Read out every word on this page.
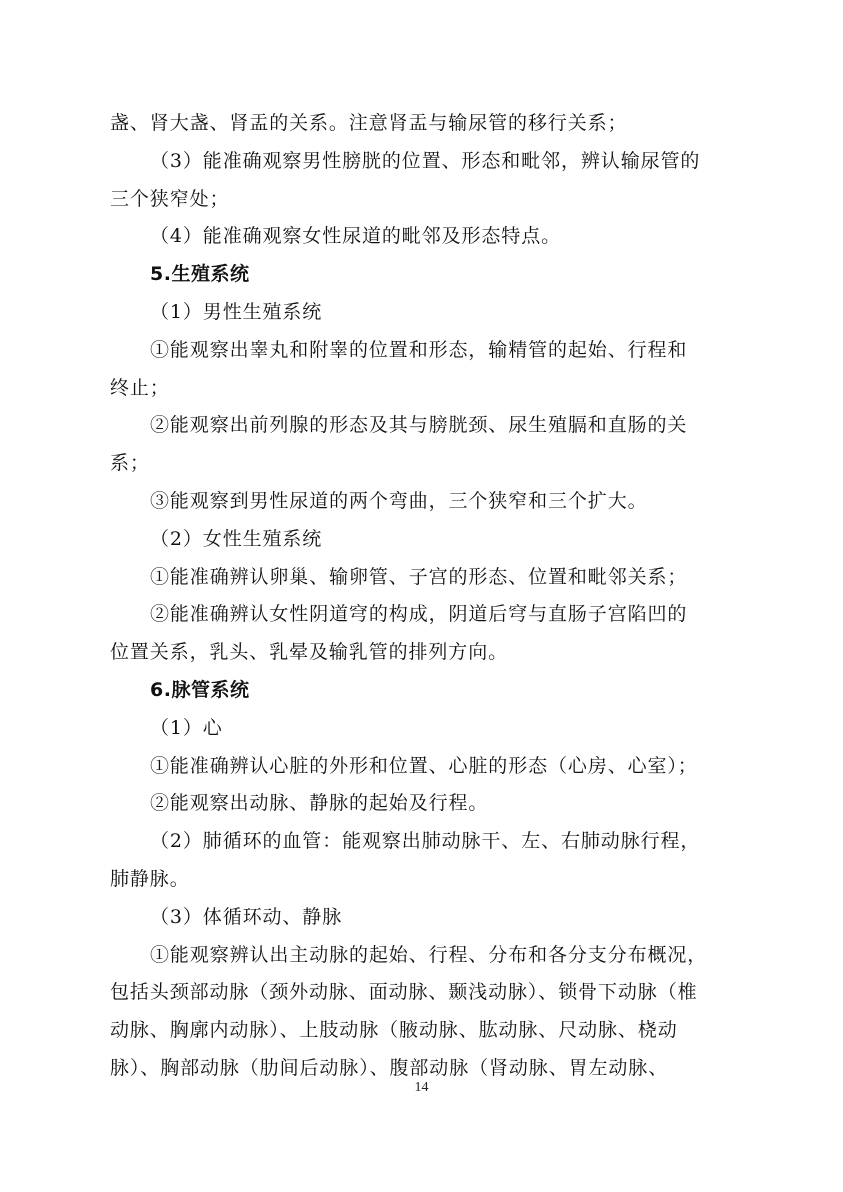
盏、肾大盏、肾盂的关系。注意肾盂与输尿管的移行关系；
（3）能准确观察男性膀胱的位置、形态和毗邻，辨认输尿管的
三个狭窄处；
（4）能准确观察女性尿道的毗邻及形态特点。
5.生殖系统
（1）男性生殖系统
①能观察出睾丸和附睾的位置和形态，输精管的起始、行程和
终止；
②能观察出前列腺的形态及其与膀胱颈、尿生殖膈和直肠的关
系；
③能观察到男性尿道的两个弯曲，三个狭窄和三个扩大。
（2）女性生殖系统
①能准确辨认卵巢、输卵管、子宫的形态、位置和毗邻关系；
②能准确辨认女性阴道穹的构成，阴道后穹与直肠子宫陷凹的
位置关系，乳头、乳晕及输乳管的排列方向。
6.脉管系统
（1）心
①能准确辨认心脏的外形和位置、心脏的形态（心房、心室）；
②能观察出动脉、静脉的起始及行程。
（2）肺循环的血管：能观察出肺动脉干、左、右肺动脉行程，
肺静脉。
（3）体循环动、静脉
①能观察辨认出主动脉的起始、行程、分布和各分支分布概况，
包括头颈部动脉（颈外动脉、面动脉、颞浅动脉）、锁骨下动脉（椎
动脉、胸廓内动脉）、上肢动脉（腋动脉、肱动脉、尺动脉、桡动
脉）、胸部动脉（肋间后动脉）、腹部动脉（肾动脉、胃左动脉、
14
